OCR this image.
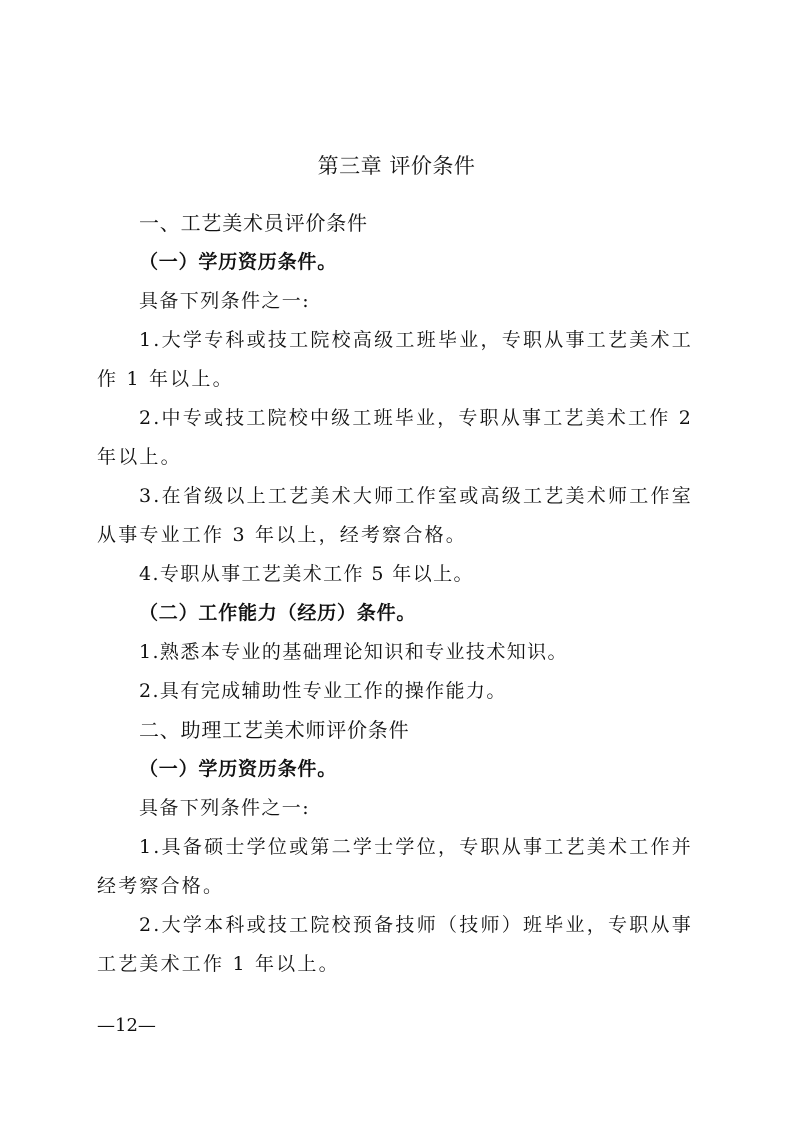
第三章 评价条件

一、工艺美术员评价条件

（一）学历资历条件。

具备下列条件之一:

1.大学专科或技工院校高级工班毕业，专职从事工艺美术工作 1 年以上。

2.中专或技工院校中级工班毕业，专职从事工艺美术工作 2 年以上。

3.在省级以上工艺美术大师工作室或高级工艺美术师工作室从事专业工作 3 年以上，经考察合格。

4.专职从事工艺美术工作 5 年以上。

（二）工作能力（经历）条件。

1.熟悉本专业的基础理论知识和专业技术知识。

2.具有完成辅助性专业工作的操作能力。

二、助理工艺美术师评价条件

（一）学历资历条件。

具备下列条件之一:

1.具备硕士学位或第二学士学位，专职从事工艺美术工作并经考察合格。

2.大学本科或技工院校预备技师（技师）班毕业，专职从事工艺美术工作 1 年以上。

—12—
